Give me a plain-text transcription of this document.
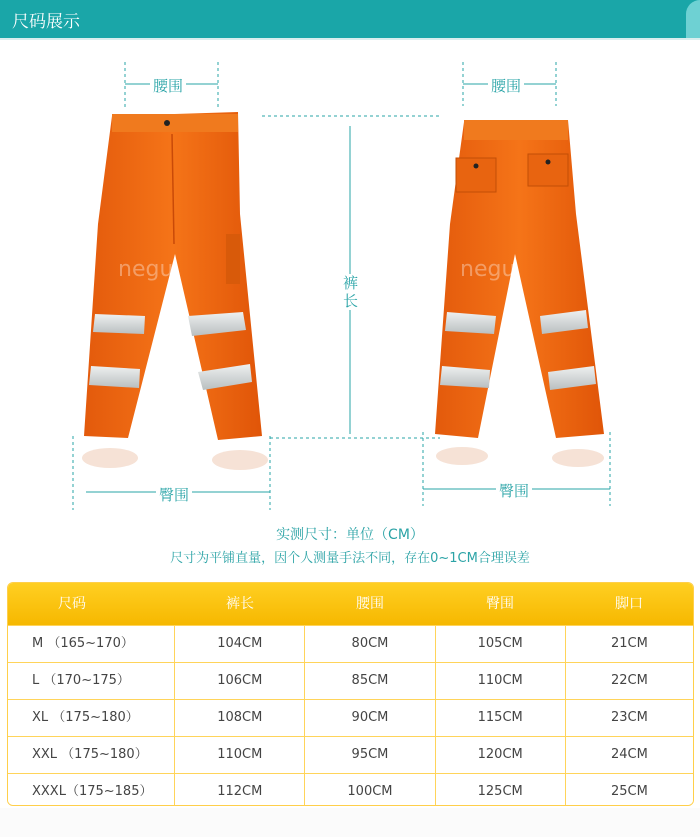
尺码展示
negu	negu
腰围	腰围
裤长
臀围	臀围
实测尺寸：单位（CM）
尺寸为平铺直量，因个人测量手法不同，存在0~1CM合理误差
尺码	裤长	腰围	臀围	脚口
M （165~170）	104CM	80CM	105CM	21CM
L （170~175）	106CM	85CM	110CM	22CM
XL （175~180）	108CM	90CM	115CM	23CM
XXL （175~180）	110CM	95CM	120CM	24CM
XXXL（175~185）	112CM	100CM	125CM	25CM
